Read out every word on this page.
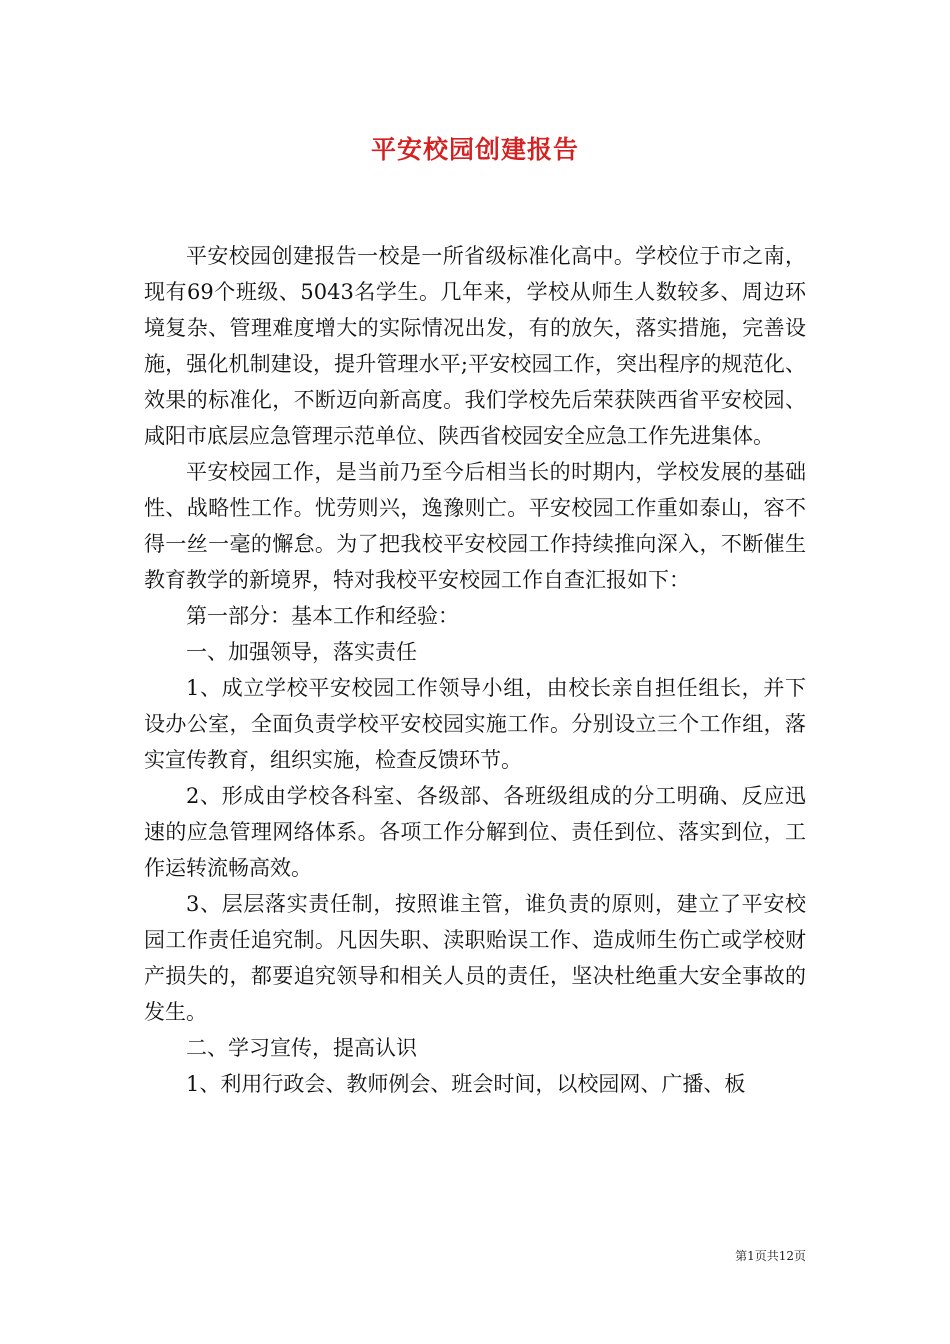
平安校园创建报告

平安校园创建报告一校是一所省级标准化高中。学校位于市之南，现有69个班级、5043名学生。几年来，学校从师生人数较多、周边环境复杂、管理难度增大的实际情况出发，有的放矢，落实措施，完善设施，强化机制建设，提升管理水平;平安校园工作，突出程序的规范化、效果的标准化，不断迈向新高度。我们学校先后荣获陕西省平安校园、咸阳市底层应急管理示范单位、陕西省校园安全应急工作先进集体。

平安校园工作，是当前乃至今后相当长的时期内，学校发展的基础性、战略性工作。忧劳则兴，逸豫则亡。平安校园工作重如泰山，容不得一丝一毫的懈怠。为了把我校平安校园工作持续推向深入，不断催生教育教学的新境界，特对我校平安校园工作自查汇报如下：

第一部分：基本工作和经验：

一、加强领导，落实责任

1、成立学校平安校园工作领导小组，由校长亲自担任组长，并下设办公室，全面负责学校平安校园实施工作。分别设立三个工作组，落实宣传教育，组织实施，检查反馈环节。

2、形成由学校各科室、各级部、各班级组成的分工明确、反应迅速的应急管理网络体系。各项工作分解到位、责任到位、落实到位，工作运转流畅高效。

3、层层落实责任制，按照谁主管，谁负责的原则，建立了平安校园工作责任追究制。凡因失职、渎职贻误工作、造成师生伤亡或学校财产损失的，都要追究领导和相关人员的责任，坚决杜绝重大安全事故的发生。

二、学习宣传，提高认识

1、利用行政会、教师例会、班会时间，以校园网、广播、板

第1页共12页
